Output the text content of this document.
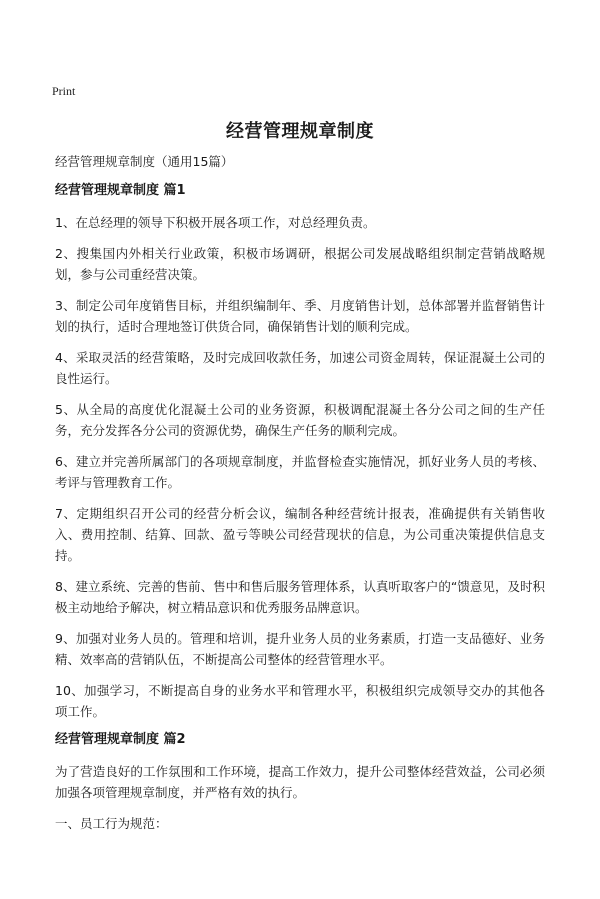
Print
经营管理规章制度

经营管理规章制度（通用15篇）

经营管理规章制度 篇1

1、在总经理的领导下积极开展各项工作，对总经理负责。

2、搜集国内外相关行业政策，积极市场调研，根据公司发展战略组织制定营销战略规划，参与公司重经营决策。

3、制定公司年度销售目标，并组织编制年、季、月度销售计划，总体部署并监督销售计划的执行，适时合理地签订供货合同，确保销售计划的顺利完成。

4、采取灵活的经营策略，及时完成回收款任务，加速公司资金周转，保证混凝土公司的良性运行。

5、从全局的高度优化混凝土公司的业务资源，积极调配混凝土各分公司之间的生产任务，充分发挥各分公司的资源优势，确保生产任务的顺利完成。

6、建立并完善所属部门的各项规章制度，并监督检查实施情况，抓好业务人员的考核、考评与管理教育工作。

7、定期组织召开公司的经营分析会议，编制各种经营统计报表，准确提供有关销售收入、费用控制、结算、回款、盈亏等映公司经营现状的信息，为公司重决策提供信息支持。

8、建立系统、完善的售前、售中和售后服务管理体系，认真听取客户的“馈意见，及时积极主动地给予解决，树立精品意识和优秀服务品牌意识。

9、加强对业务人员的。管理和培训，提升业务人员的业务素质，打造一支品德好、业务精、效率高的营销队伍，不断提高公司整体的经营管理水平。

10、加强学习，不断提高自身的业务水平和管理水平，积极组织完成领导交办的其他各项工作。

经营管理规章制度 篇2

为了营造良好的工作氛围和工作环境，提高工作效力，提升公司整体经营效益，公司必须加强各项管理规章制度，并严格有效的执行。

一、员工行为规范：
